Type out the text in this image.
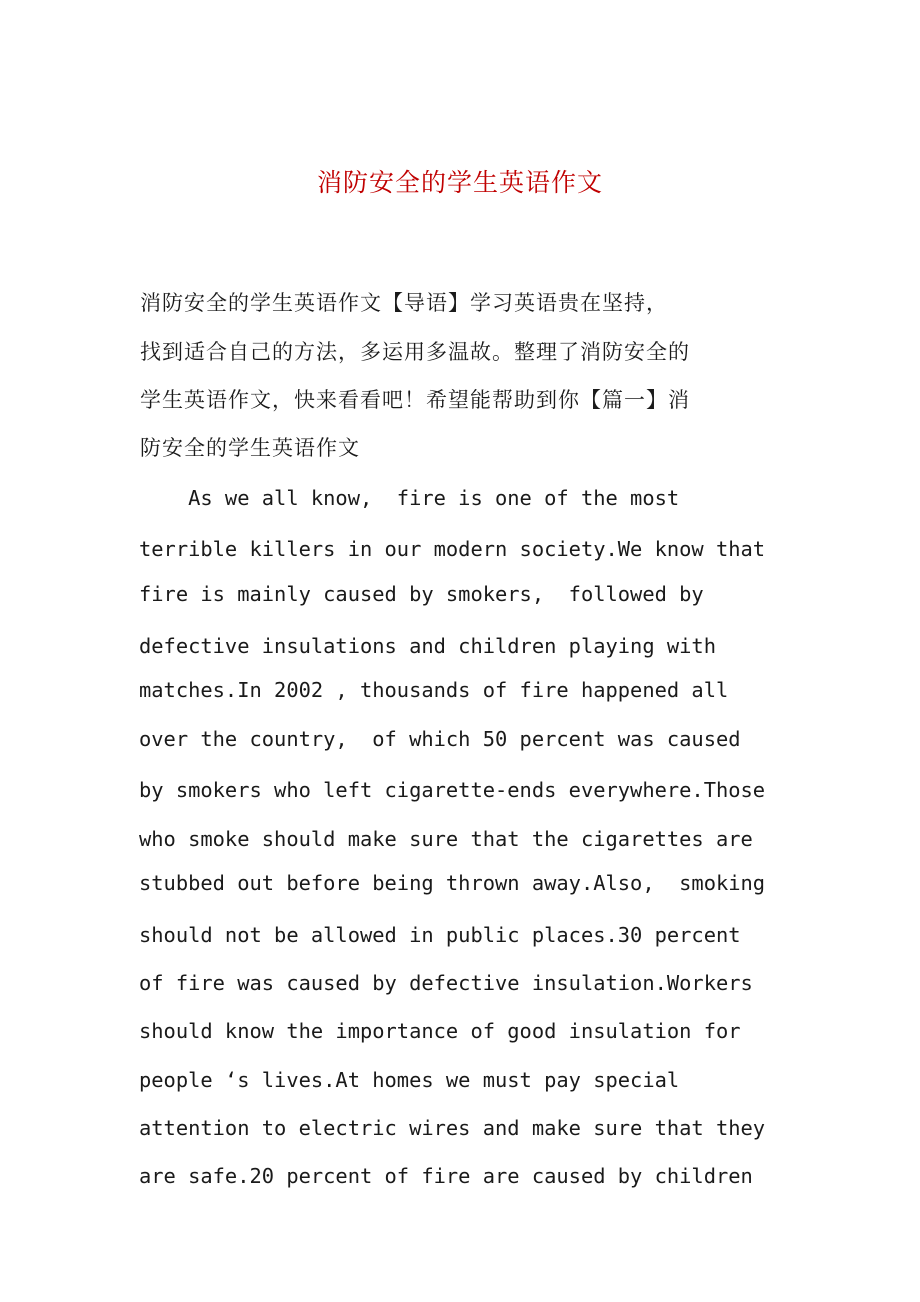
消防安全的学生英语作文
消防安全的学生英语作文【导语】学习英语贵在坚持，
找到适合自己的方法，多运用多温故。整理了消防安全的
学生英语作文，快来看看吧！希望能帮助到你【篇一】消
防安全的学生英语作文
As we all know,  fire is one of the most
terrible killers in our modern society.We know that
fire is mainly caused by smokers,  followed by
defective insulations and children playing with
matches.In 2002 , thousands of fire happened all
over the country,  of which 50 percent was caused
by smokers who left cigarette-ends everywhere.Those
who smoke should make sure that the cigarettes are
stubbed out before being thrown away.Also,  smoking
should not be allowed in public places.30 percent
of fire was caused by defective insulation.Workers
should know the importance of good insulation for
people ‘s lives.At homes we must pay special
attention to electric wires and make sure that they
are safe.20 percent of fire are caused by children
